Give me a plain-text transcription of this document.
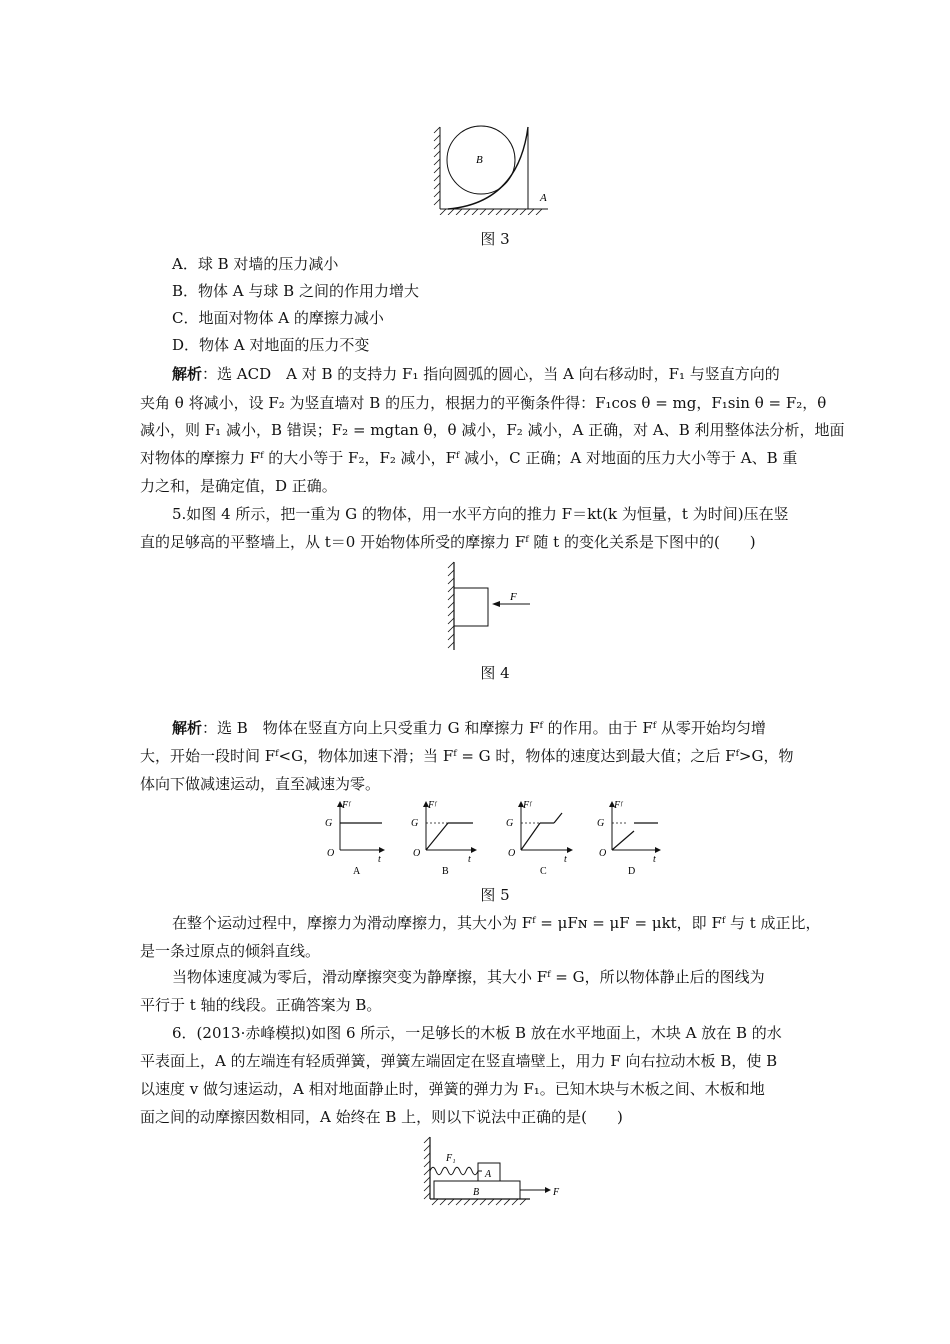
B
A
图 3
A．球 B 对墙的压力减小
B．物体 A 与球 B 之间的作用力增大
C．地面对物体 A 的摩擦力减小
D．物体 A 对地面的压力不变
解析：选 ACD　A 对 B 的支持力 F₁ 指向圆弧的圆心，当 A 向右移动时，F₁ 与竖直方向的
夹角 θ 将减小，设 F₂ 为竖直墙对 B 的压力，根据力的平衡条件得：F₁cos θ = mg，F₁sin θ = F₂，θ
减小，则 F₁ 减小，B 错误；F₂ = mgtan θ，θ 减小，F₂ 减小，A 正确，对 A、B 利用整体法分析，地面
对物体的摩擦力 Fᶠ 的大小等于 F₂，F₂ 减小，Fᶠ 减小，C 正确；A 对地面的压力大小等于 A、B 重
力之和，是确定值，D 正确。
5.如图 4 所示，把一重为 G 的物体，用一水平方向的推力 F＝kt(k 为恒量，t 为时间)压在竖
直的足够高的平整墙上，从 t＝0 开始物体所受的摩擦力 Fᶠ 随 t 的变化关系是下图中的(　　)
F
图 4
解析：选 B　物体在竖直方向上只受重力 G 和摩擦力 Fᶠ 的作用。由于 Fᶠ 从零开始均匀增
大，开始一段时间 Fᶠ<G，物体加速下滑；当 Fᶠ = G 时，物体的速度达到最大值；之后 Fᶠ>G，物
体向下做减速运动，直至减速为零。
Fᶠ
G
O
t
A
Fᶠ
G
O
t
B
Fᶠ
G
O
t
C
Fᶠ
G
O
t
D
图 5
在整个运动过程中，摩擦力为滑动摩擦力，其大小为 Fᶠ = μFɴ = μF = μkt，即 Fᶠ 与 t 成正比，
是一条过原点的倾斜直线。
当物体速度减为零后，滑动摩擦突变为静摩擦，其大小 Fᶠ = G，所以物体静止后的图线为
平行于 t 轴的线段。正确答案为 B。
6．(2013·赤峰模拟)如图 6 所示，一足够长的木板 B 放在水平地面上，木块 A 放在 B 的水
平表面上，A 的左端连有轻质弹簧，弹簧左端固定在竖直墙壁上，用力 F 向右拉动木板 B，使 B
以速度 v 做匀速运动，A 相对地面静止时，弹簧的弹力为 F₁。已知木块与木板之间、木板和地
面之间的动摩擦因数相同，A 始终在 B 上，则以下说法中正确的是(　　)
F₁
A
B	F
